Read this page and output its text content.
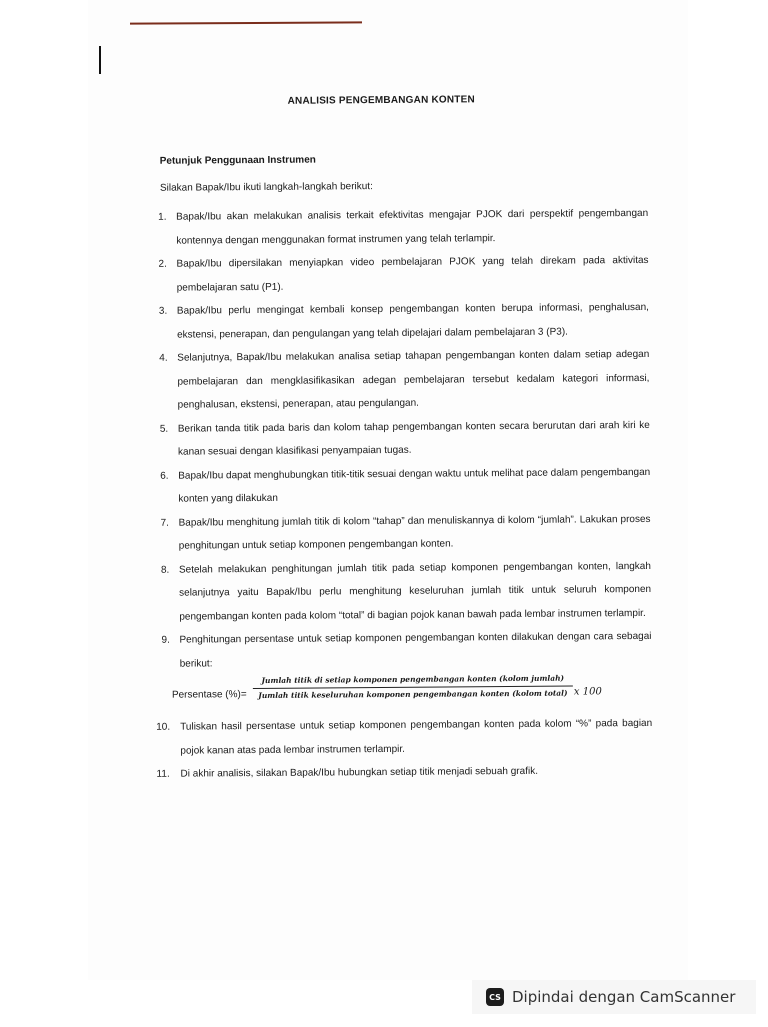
ANALISIS PENGEMBANGAN KONTEN
Petunjuk Penggunaan Instrumen
Silakan Bapak/Ibu ikuti langkah-langkah berikut:
1. Bapak/Ibu akan melakukan analisis terkait efektivitas mengajar PJOK dari perspektif pengembangan kontennya dengan menggunakan format instrumen yang telah terlampir.
2. Bapak/Ibu dipersilakan menyiapkan video pembelajaran PJOK yang telah direkam pada aktivitas pembelajaran satu (P1).
3. Bapak/Ibu perlu mengingat kembali konsep pengembangan konten berupa informasi, penghalusan, ekstensi, penerapan, dan pengulangan yang telah dipelajari dalam pembelajaran 3 (P3).
4. Selanjutnya, Bapak/Ibu melakukan analisa setiap tahapan pengembangan konten dalam setiap adegan pembelajaran dan mengklasifikasikan adegan pembelajaran tersebut kedalam kategori informasi, penghalusan, ekstensi, penerapan, atau pengulangan.
5. Berikan tanda titik pada baris dan kolom tahap pengembangan konten secara berurutan dari arah kiri ke kanan sesuai dengan klasifikasi penyampaian tugas.
6. Bapak/Ibu dapat menghubungkan titik-titik sesuai dengan waktu untuk melihat pace dalam pengembangan konten yang dilakukan
7. Bapak/Ibu menghitung jumlah titik di kolom “tahap” dan menuliskannya di kolom “jumlah”. Lakukan proses penghitungan untuk setiap komponen pengembangan konten.
8. Setelah melakukan penghitungan jumlah titik pada setiap komponen pengembangan konten, langkah selanjutnya yaitu Bapak/Ibu perlu menghitung keseluruhan jumlah titik untuk seluruh komponen pengembangan konten pada kolom “total” di bagian pojok kanan bawah pada lembar instrumen terlampir.
9. Penghitungan persentase untuk setiap komponen pengembangan konten dilakukan dengan cara sebagai berikut:
Persentase (%)=
Jumlah titik di setiap komponen pengembangan konten (kolom jumlah)
Jumlah titik keseluruhan komponen pengembangan konten (kolom total) x 100
10. Tuliskan hasil persentase untuk setiap komponen pengembangan konten pada kolom “%” pada bagian pojok kanan atas pada lembar instrumen terlampir.
11. Di akhir analisis, silakan Bapak/Ibu hubungkan setiap titik menjadi sebuah grafik.
CS Dipindai dengan CamScanner
